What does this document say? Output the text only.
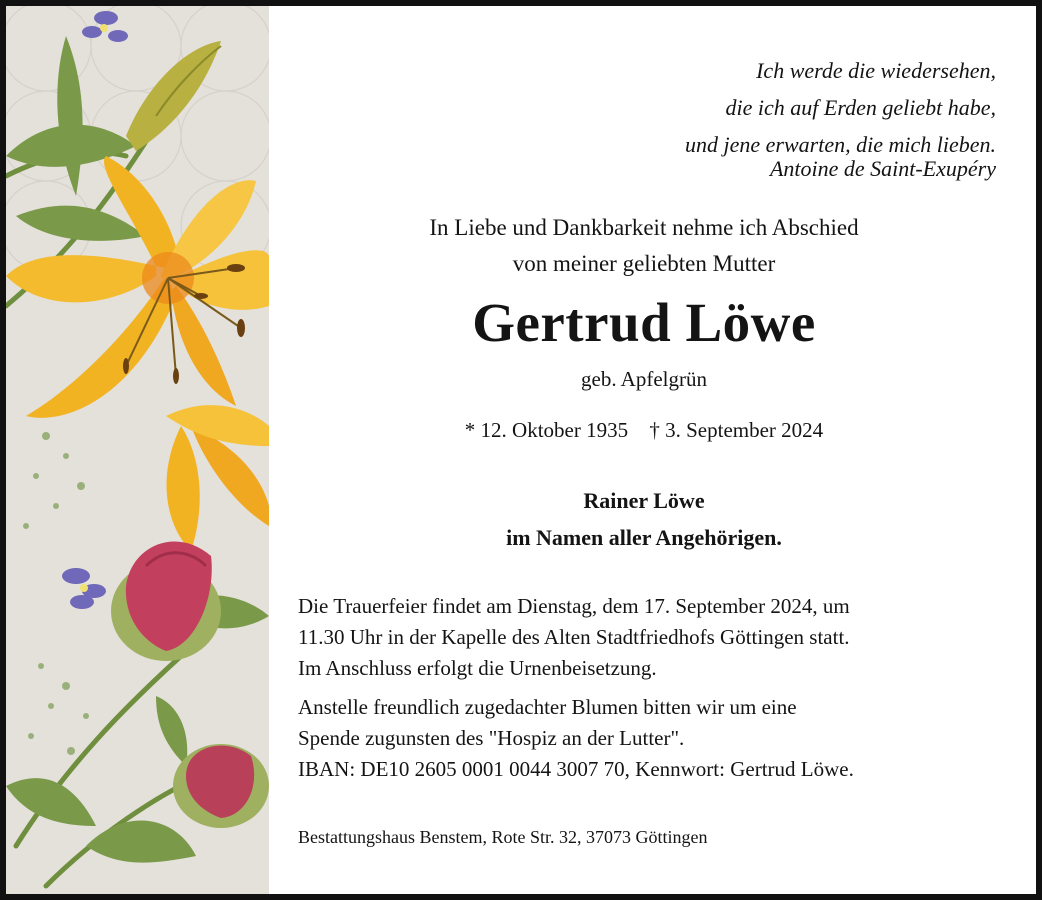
Ich werde die wiedersehen,
die ich auf Erden geliebt habe,
und jene erwarten, die mich lieben.
Antoine de Saint-Exupéry
In Liebe und Dankbarkeit nehme ich Abschied
von meiner geliebten Mutter
Gertrud Löwe
geb. Apfelgrün
* 12. Oktober 1935 † 3. September 2024
Rainer Löwe
im Namen aller Angehörigen.

Die Trauerfeier findet am Dienstag, dem 17. September 2024, um
11.30 Uhr in der Kapelle des Alten Stadtfriedhofs Göttingen statt.
Im Anschluss erfolgt die Urnenbeisetzung.

Anstelle freundlich zugedachter Blumen bitten wir um eine
Spende zugunsten des "Hospiz an der Lutter".
IBAN: DE10 2605 0001 0044 3007 70, Kennwort: Gertrud Löwe.

Bestattungshaus Benstem, Rote Str. 32, 37073 Göttingen
